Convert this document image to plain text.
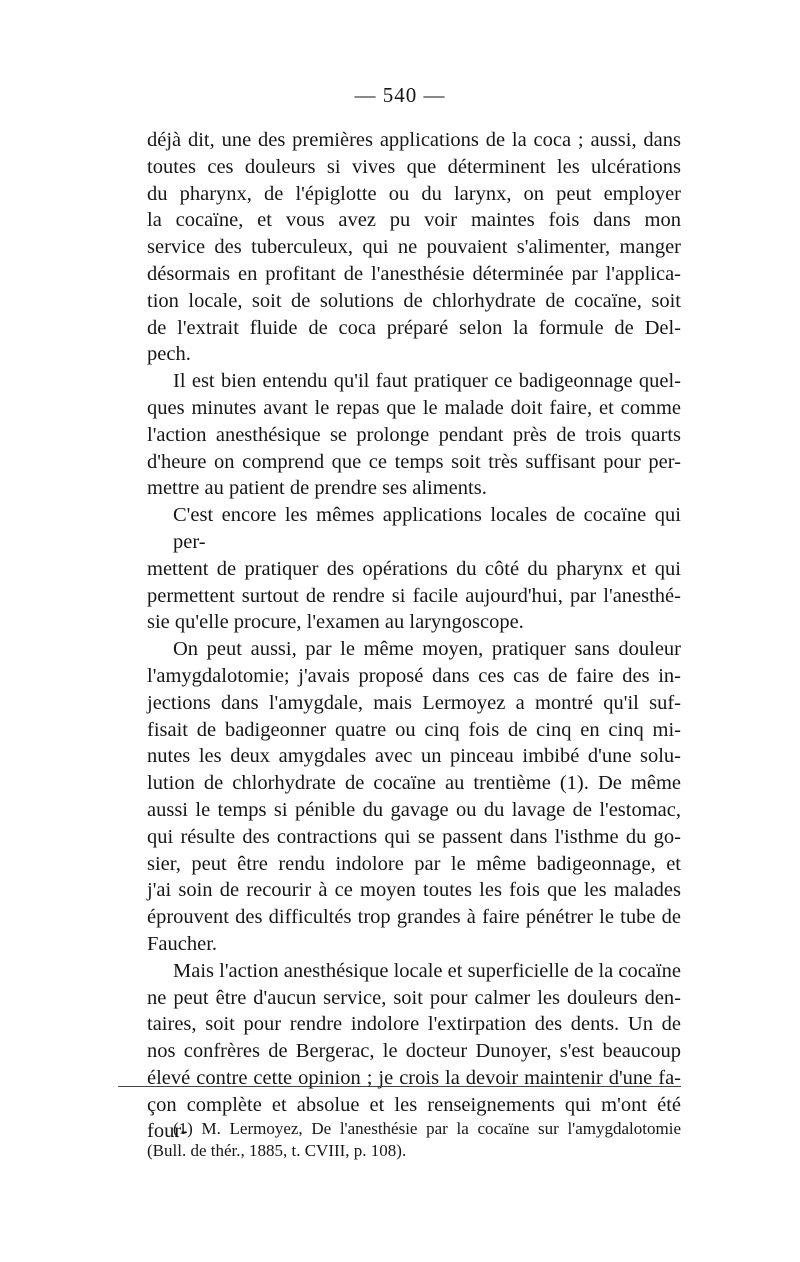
— 540 —

déjà dit, une des premières applications de la coca ; aussi, dans
toutes ces douleurs si vives que déterminent les ulcérations
du pharynx, de l'épiglotte ou du larynx, on peut employer
la cocaïne, et vous avez pu voir maintes fois dans mon
service des tuberculeux, qui ne pouvaient s'alimenter, manger
désormais en profitant de l'anesthésie déterminée par l'applica-
tion locale, soit de solutions de chlorhydrate de cocaïne, soit
de l'extrait fluide de coca préparé selon la formule de Del-
pech.

Il est bien entendu qu'il faut pratiquer ce badigeonnage quel-
ques minutes avant le repas que le malade doit faire, et comme
l'action anesthésique se prolonge pendant près de trois quarts
d'heure on comprend que ce temps soit très suffisant pour per-
mettre au patient de prendre ses aliments.

C'est encore les mêmes applications locales de cocaïne qui per-
mettent de pratiquer des opérations du côté du pharynx et qui
permettent surtout de rendre si facile aujourd'hui, par l'anesthé-
sie qu'elle procure, l'examen au laryngoscope.

On peut aussi, par le même moyen, pratiquer sans douleur
l'amygdalotomie; j'avais proposé dans ces cas de faire des in-
jections dans l'amygdale, mais Lermoyez a montré qu'il suf-
fisait de badigeonner quatre ou cinq fois de cinq en cinq mi-
nutes les deux amygdales avec un pinceau imbibé d'une solu-
lution de chlorhydrate de cocaïne au trentième (1). De même
aussi le temps si pénible du gavage ou du lavage de l'estomac,
qui résulte des contractions qui se passent dans l'isthme du go-
sier, peut être rendu indolore par le même badigeonnage, et
j'ai soin de recourir à ce moyen toutes les fois que les malades
éprouvent des difficultés trop grandes à faire pénétrer le tube de
Faucher.

Mais l'action anesthésique locale et superficielle de la cocaïne
ne peut être d'aucun service, soit pour calmer les douleurs den-
taires, soit pour rendre indolore l'extirpation des dents. Un de
nos confrères de Bergerac, le docteur Dunoyer, s'est beaucoup
élevé contre cette opinion ; je crois la devoir maintenir d'une fa-
çon complète et absolue et les renseignements qui m'ont été four-

(1) M. Lermoyez, De l'anesthésie par la cocaïne sur l'amygdalotomie
(Bull. de thér., 1885, t. CVIII, p. 108).
